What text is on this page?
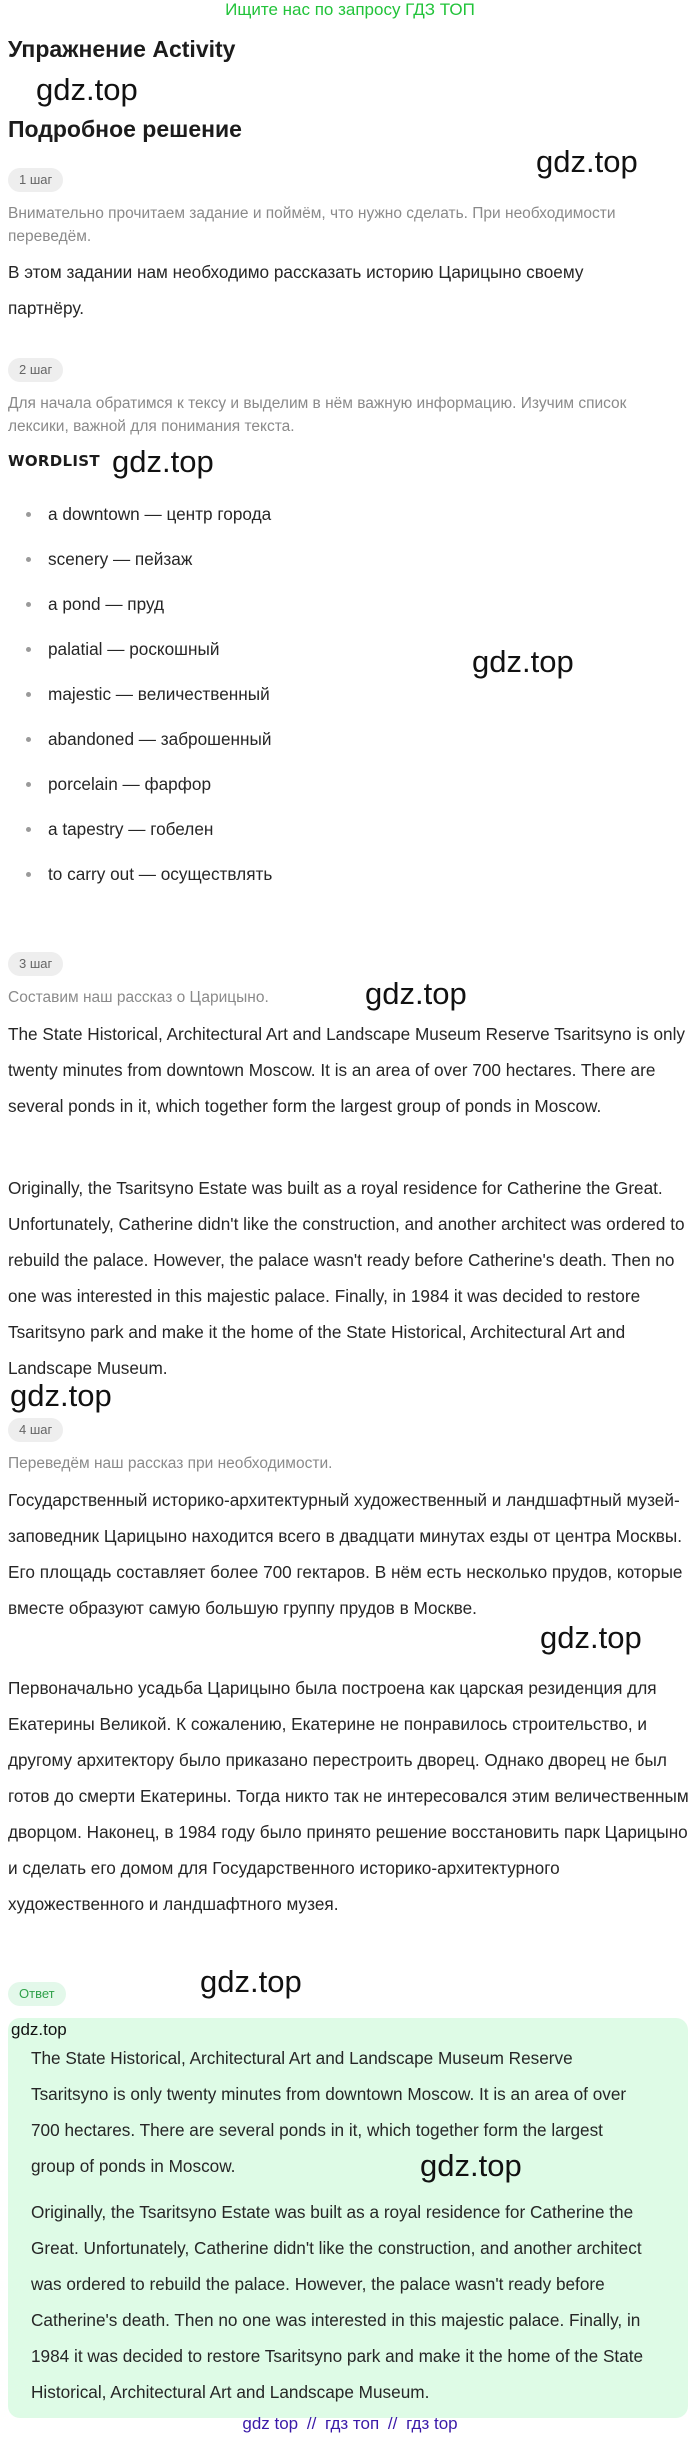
Ищите нас по запросу ГДЗ ТОП
Упражнение Activity
gdz.top
Подробное решение
gdz.top
1 шаг

Внимательно прочитаем задание и поймём, что нужно сделать. При необходимости переведём.

В этом задании нам необходимо рассказать историю Царицыно своему партнёру.

2 шаг

Для начала обратимся к тексу и выделим в нём важную информацию. Изучим список лексики, важной для понимания текста.

WORDLIST gdz.top
a downtown — центр города
scenery — пейзаж
a pond — пруд
palatial — роскошный
majestic — величественный
abandoned — заброшенный
porcelain — фарфор
a tapestry — гобелен
to carry out — осуществлять
gdz.top
3 шаг

Составим наш рассказ о Царицыно.	gdz.top

The State Historical, Architectural Art and Landscape Museum Reserve Tsaritsyno is only twenty minutes from downtown Moscow. It is an area of over 700 hectares. There are several ponds in it, which together form the largest group of ponds in Moscow.

Originally, the Tsaritsyno Estate was built as a royal residence for Catherine the Great. Unfortunately, Catherine didn't like the construction, and another architect was ordered to rebuild the palace. However, the palace wasn't ready before Catherine's death. Then no one was interested in this majestic palace. Finally, in 1984 it was decided to restore Tsaritsyno park and make it the home of the State Historical, Architectural Art and Landscape Museum.

gdz.top
4 шаг

Переведём наш рассказ при необходимости.

Государственный историко-архитектурный художественный и ландшафтный музей-заповедник Царицыно находится всего в двадцати минутах езды от центра Москвы. Его площадь составляет более 700 гектаров. В нём есть несколько прудов, которые вместе образуют самую большую группу прудов в Москве.

gdz.top

Первоначально усадьба Царицыно была построена как царская резиденция для Екатерины Великой. К сожалению, Екатерине не понравилось строительство, и другому архитектору было приказано перестроить дворец. Однако дворец не был готов до смерти Екатерины. Тогда никто так не интересовался этим величественным дворцом. Наконец, в 1984 году было принято решение восстановить парк Царицыно и сделать его домом для Государственного историко-архитектурного художественного и ландшафтного музея.

Ответ	gdz.top
gdz.top

The State Historical, Architectural Art and Landscape Museum Reserve Tsaritsyno is only twenty minutes from downtown Moscow. It is an area of over 700 hectares. There are several ponds in it, which together form the largest group of ponds in Moscow.	gdz.top

Originally, the Tsaritsyno Estate was built as a royal residence for Catherine the Great. Unfortunately, Catherine didn't like the construction, and another architect was ordered to rebuild the palace. However, the palace wasn't ready before Catherine's death. Then no one was interested in this majestic palace. Finally, in 1984 it was decided to restore Tsaritsyno park and make it the home of the State Historical, Architectural Art and Landscape Museum.

gdz top // гдз топ // гдз top
